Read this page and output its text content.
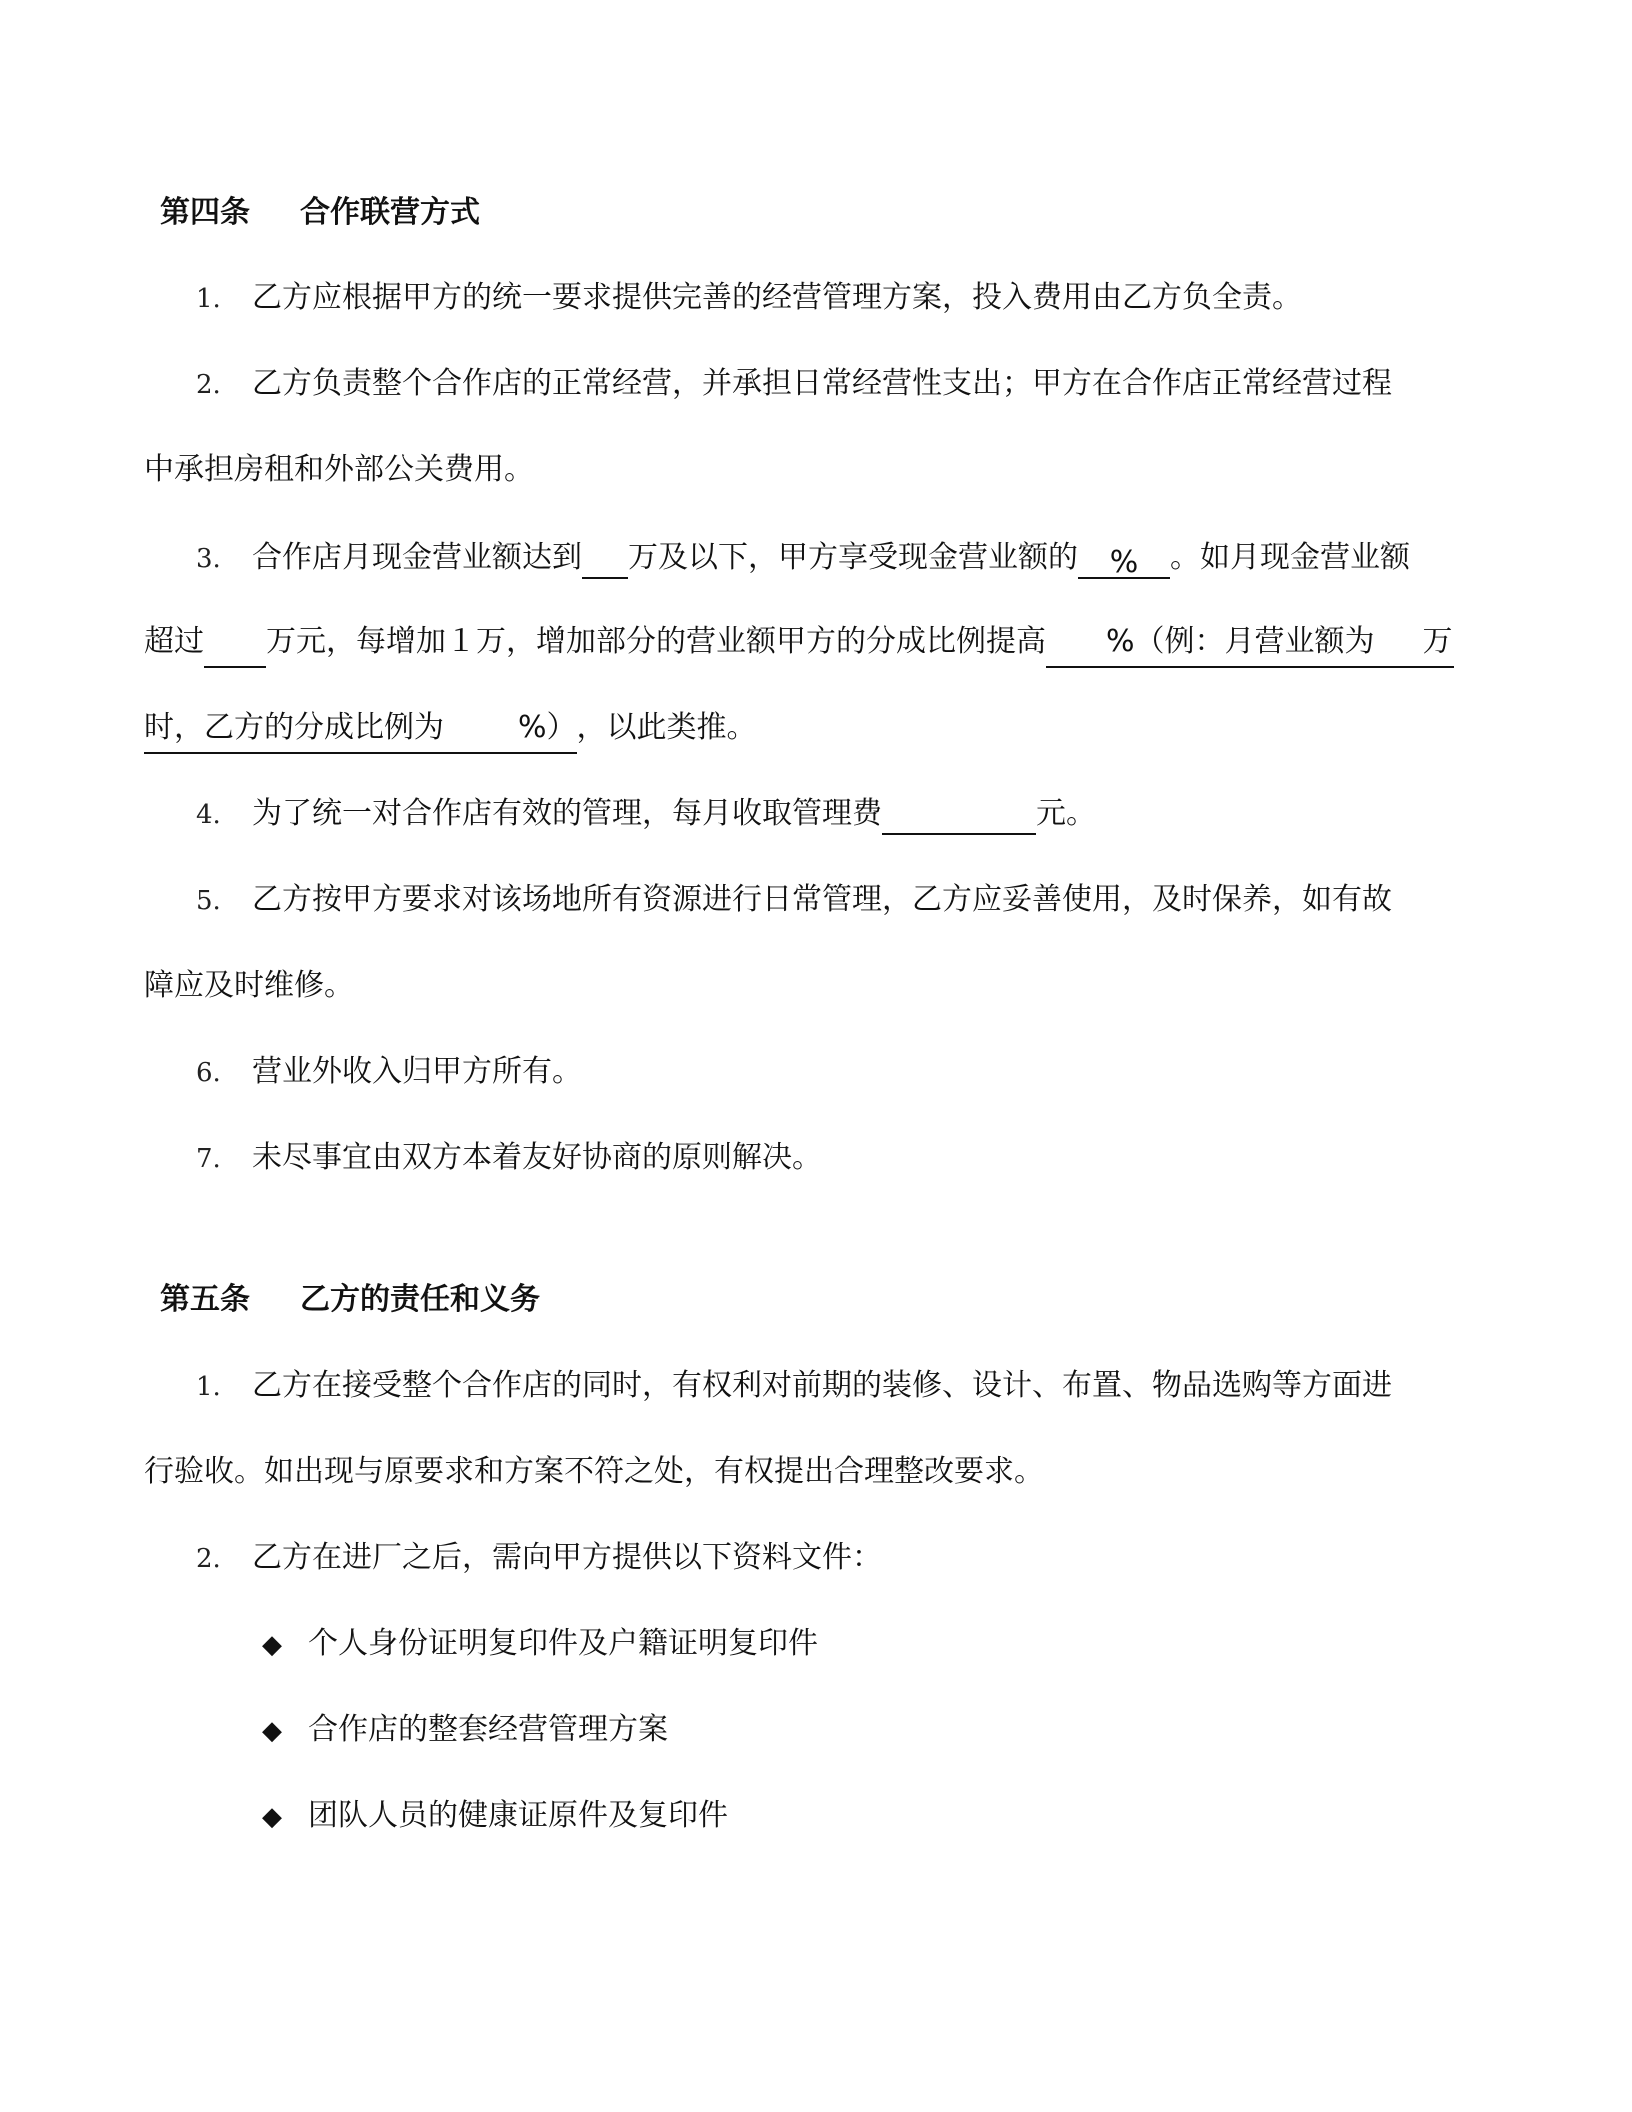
第四条 合作联营方式
1. 乙方应根据甲方的统一要求提供完善的经营管理方案，投入费用由乙方负全责。
2. 乙方负责整个合作店的正常经营，并承担日常经营性支出；甲方在合作店正常经营过程
中承担房租和外部公关费用。
3. 合作店月现金营业额达到 万及以下，甲方享受现金营业额的 % 。如月现金营业额
超过 万元，每增加１万，增加部分的营业额甲方的分成比例提高 %（例：月营业额为 万
时，乙方的分成比例为 %），以此类推。
4. 为了统一对合作店有效的管理，每月收取管理费	元。
5. 乙方按甲方要求对该场地所有资源进行日常管理，乙方应妥善使用，及时保养，如有故
障应及时维修。
6. 营业外收入归甲方所有。
7. 未尽事宜由双方本着友好协商的原则解决。
第五条 乙方的责任和义务
1. 乙方在接受整个合作店的同时，有权利对前期的装修、设计、布置、物品选购等方面进
行验收。如出现与原要求和方案不符之处，有权提出合理整改要求。
2. 乙方在进厂之后，需向甲方提供以下资料文件：
◆ 个人身份证明复印件及户籍证明复印件
◆ 合作店的整套经营管理方案
◆ 团队人员的健康证原件及复印件
